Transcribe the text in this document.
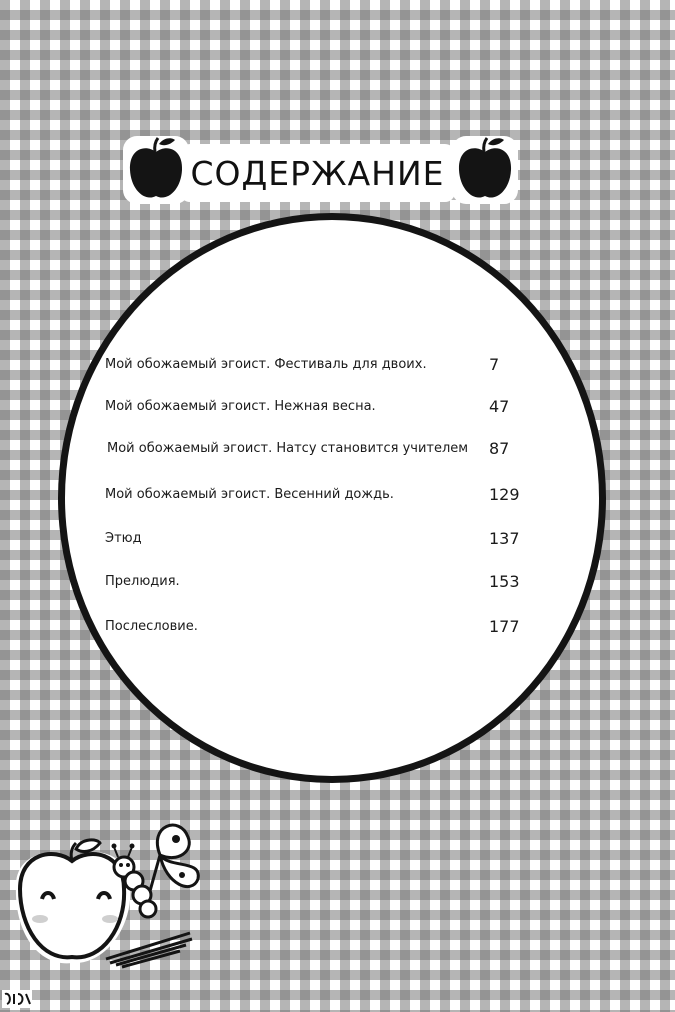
СОДЕРЖАНИЕ
Мой обожаемый эгоист. Фестиваль для двоих.	7
Мой обожаемый эгоист. Нежная весна.	47
Мой обожаемый эгоист. Натсу становится учителем 87
Мой обожаемый эгоист. Весенний дождь.	129
Этюд	137
Прелюдия.	153
Послесловие.	177
